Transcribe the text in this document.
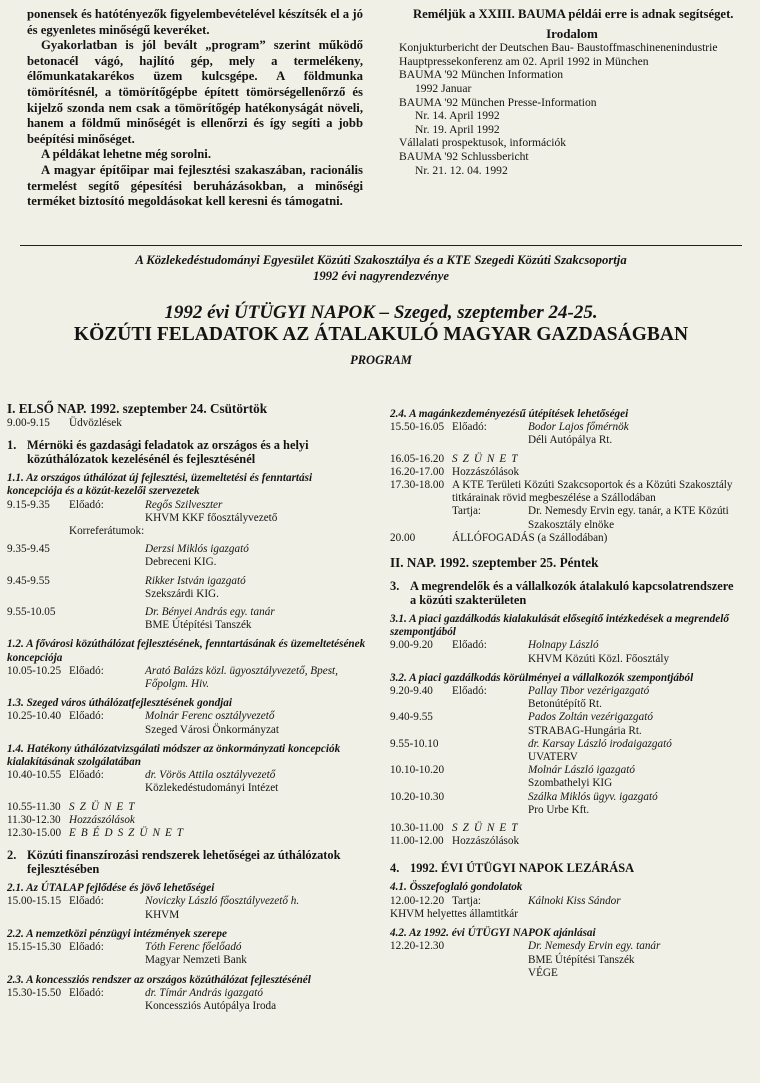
ponensek és hatótényezők figyelembevételével készítsék el a jó és egyenletes minőségű keveréket.

Gyakorlatban is jól bevált „program” szerint működő betonacél vágó, hajlító gép, mely a termelékeny, élőmunkatakarékos üzem kulcsgépe. A földmunka tömörítésnél, a tömörítőgépbe épített tömörségellenőrző és kijelző szonda nem csak a tömörítőgép hatékonyságát növeli, hanem a földmű minőségét is ellenőrzi és így segíti a jobb beépítési minőséget.

A példákat lehetne még sorolni.

A magyar építőipar mai fejlesztési szakaszában, racionális termelést segítő gépesítési beruházásokban, a minőségi terméket biztosító megoldásokat kell keresni és támogatni.

Reméljük a XXIII. BAUMA példái erre is adnak segítséget.

Irodalom

Konjukturbericht der Deutschen Bau- Baustoffmaschinenenindustrie Hauptpressekonferenz am 02. April 1992 in München
BAUMA '92 München Information
1992 Januar
BAUMA '92 München Presse-Information
Nr. 14. April 1992
Nr. 19. April 1992
Vállalati prospektusok, információk
BAUMA '92 Schlussbericht
Nr. 21. 12. 04. 1992
A Közlekedéstudományi Egyesület Közúti Szakosztálya és a KTE Szegedi Közúti Szakcsoportja
1992 évi nagyrendezvénye
1992 évi ÚTÜGYI NAPOK – Szeged, szeptember 24-25.
KÖZÚTI FELADATOK AZ ÁTALAKULÓ MAGYAR GAZDASÁGBAN
PROGRAM
I. ELSŐ NAP. 1992. szeptember 24. Csütörtök
9.00-9.15	Üdvözlések
1. Mérnöki és gazdasági feladatok az országos és a helyi közúthálózatok kezelésénél és fejlesztésénél
1.1. Az országos úthálózat új fejlesztési, üzemeltetési és fenntartási koncepciója és a közút-kezelői szervezetek
9.15-9.35	Előadó:	Regős Szilveszter
KHVM KKF főosztályvezető
Korreferátumok:
9.35-9.45	Derzsi Miklós igazgató
Debreceni KIG.
9.45-9.55	Rikker István igazgató
Szekszárdi KIG.
9.55-10.05	Dr. Bényei András egy. tanár
BME Útépítési Tanszék
1.2. A fővárosi közúthálózat fejlesztésének, fenntartásának és üzemeltetésének koncepciója
10.05-10.25 Előadó:	Arató Balázs közl. ügyosztályvezető, Bpest, Főpolgm. Hiv.
1.3. Szeged város úthálózatfejlesztésének gondjai
10.25-10.40 Előadó:	Molnár Ferenc osztályvezető
Szeged Városi Önkormányzat
1.4. Hatékony úthálózatvizsgálati módszer az önkormányzati koncepciók kialakításának szolgálatában
10.40-10.55 Előadó:	dr. Vörös Attila osztályvezető
Közlekedéstudományi Intézet
10.55-11.30 SZÜNET
11.30-12.30 Hozzászólások
12.30-15.00 EBÉDSZÜNET
2. Közúti finanszírozási rendszerek lehetőségei az úthálózatok fejlesztésében
2.1. Az ÚTALAP fejlődése és jövő lehetőségei
15.00-15.15 Előadó:	Noviczky László főosztályvezető h.
KHVM
2.2. A nemzetközi pénzügyi intézmények szerepe
15.15-15.30 Előadó:	Tóth Ferenc főelőadó
Magyar Nemzeti Bank
2.3. A koncessziós rendszer az országos közúthálózat fejlesztésénél
15.30-15.50 Előadó:	dr. Tímár András igazgató
Koncessziós Autópálya Iroda
2.4. A magánkezdeményezésű útépítések lehetőségei
15.50-16.05 Előadó:	Bodor Lajos főmérnök
Déli Autópálya Rt.
16.05-16.20 SZÜNET
16.20-17.00 Hozzászólások
17.30-18.00 A KTE Területi Közúti Szakcsoportok és a Közúti Szakosztály titkárainak rövid megbeszélése a Szállodában
Tartja:	Dr. Nemesdy Ervin egy. tanár, a KTE Közúti Szakosztály elnöke
20.00	ÁLLÓFOGADÁS (a Szállodában)
II. NAP. 1992. szeptember 25. Péntek
3. A megrendelők és a vállalkozók átalakuló kapcsolatrendszere a közúti szakterületen
3.1. A piaci gazdálkodás kialakulását elősegítő intézkedések a megrendelő szempontjából
9.00-9.20	Előadó:	Holnapy László
KHVM Közúti Közl. Főosztály
3.2. A piaci gazdálkodás körülményei a vállalkozók szempontjából
9.20-9.40	Előadó:	Pallay Tibor vezérigazgató
Betonútépítő Rt.
9.40-9.55	Pados Zoltán vezérigazgató
STRABAG-Hungária Rt.
9.55-10.10	dr. Karsay László irodaigazgató
UVATERV
10.10-10.20	Molnár László igazgató
Szombathelyi KIG
10.20-10.30	Szálka Miklós ügyv. igazgató
Pro Urbe Kft.
10.30-11.00 SZÜNET
11.00-12.00 Hozzászólások
4. 1992. ÉVI ÚTÜGYI NAPOK LEZÁRÁSA
4.1. Összefoglaló gondolatok
12.00-12.20 Tartja:	Kálnoki Kiss Sándor
KHVM helyettes államtitkár
4.2. Az 1992. évi ÚTÜGYI NAPOK ajánlásai
12.20-12.30	Dr. Nemesdy Ervin egy. tanár
BME Útépítési Tanszék
VÉGE
